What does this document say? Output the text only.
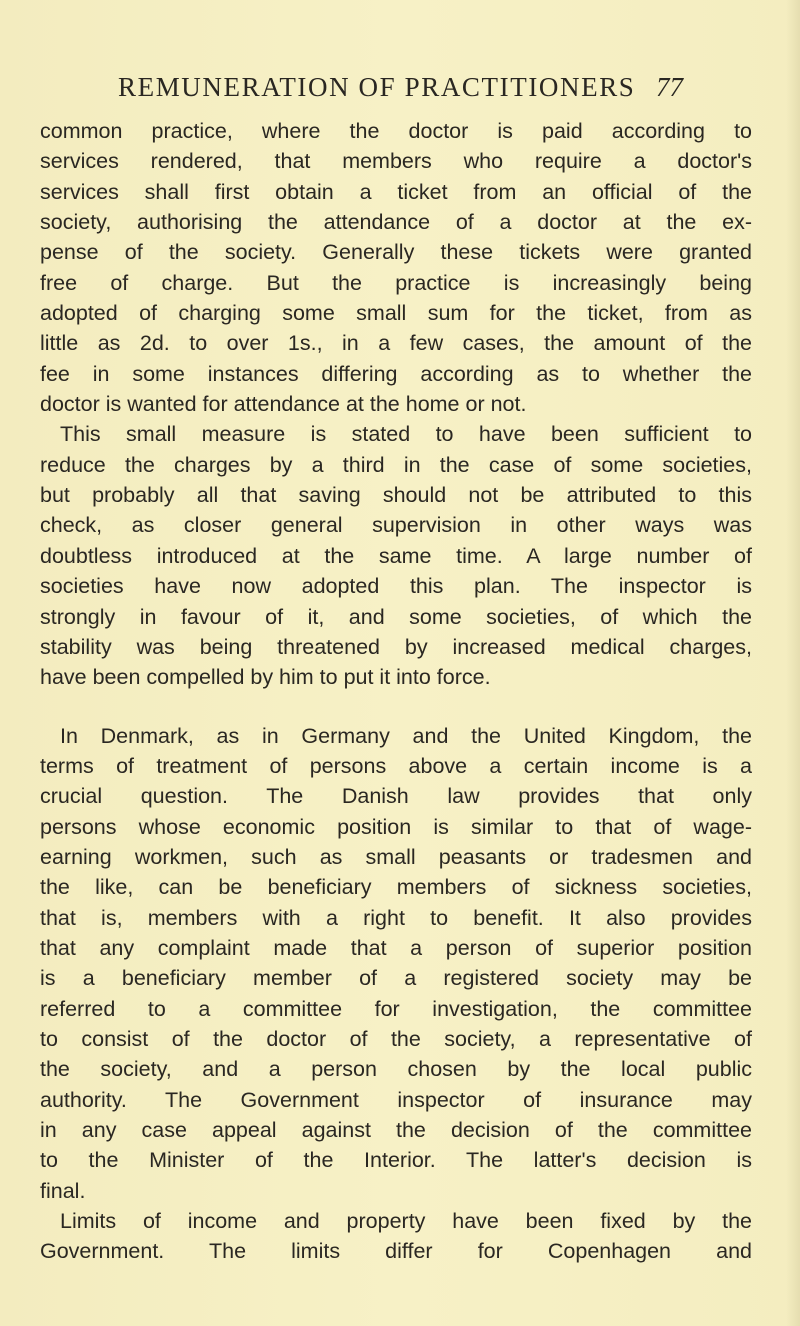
REMUNERATION OF PRACTITIONERS 77
common practice, where the doctor is paid according to
services rendered, that members who require a doctor's
services shall first obtain a ticket from an official of the
society, authorising the attendance of a doctor at the ex-
pense of the society. Generally these tickets were granted
free of charge. But the practice is increasingly being
adopted of charging some small sum for the ticket, from as
little as 2d. to over 1s., in a few cases, the amount of the
fee in some instances differing according as to whether the
doctor is wanted for attendance at the home or not.
This small measure is stated to have been sufficient to
reduce the charges by a third in the case of some societies,
but probably all that saving should not be attributed to this
check, as closer general supervision in other ways was
doubtless introduced at the same time. A large number of
societies have now adopted this plan. The inspector is
strongly in favour of it, and some societies, of which the
stability was being threatened by increased medical charges,
have been compelled by him to put it into force.
In Denmark, as in Germany and the United Kingdom, the
terms of treatment of persons above a certain income is a
crucial question. The Danish law provides that only
persons whose economic position is similar to that of wage-
earning workmen, such as small peasants or tradesmen and
the like, can be beneficiary members of sickness societies,
that is, members with a right to benefit. It also provides
that any complaint made that a person of superior position
is a beneficiary member of a registered society may be
referred to a committee for investigation, the committee
to consist of the doctor of the society, a representative of
the society, and a person chosen by the local public
authority. The Government inspector of insurance may
in any case appeal against the decision of the committee
to the Minister of the Interior. The latter's decision is
final.
Limits of income and property have been fixed by the
Government. The limits differ for Copenhagen and
